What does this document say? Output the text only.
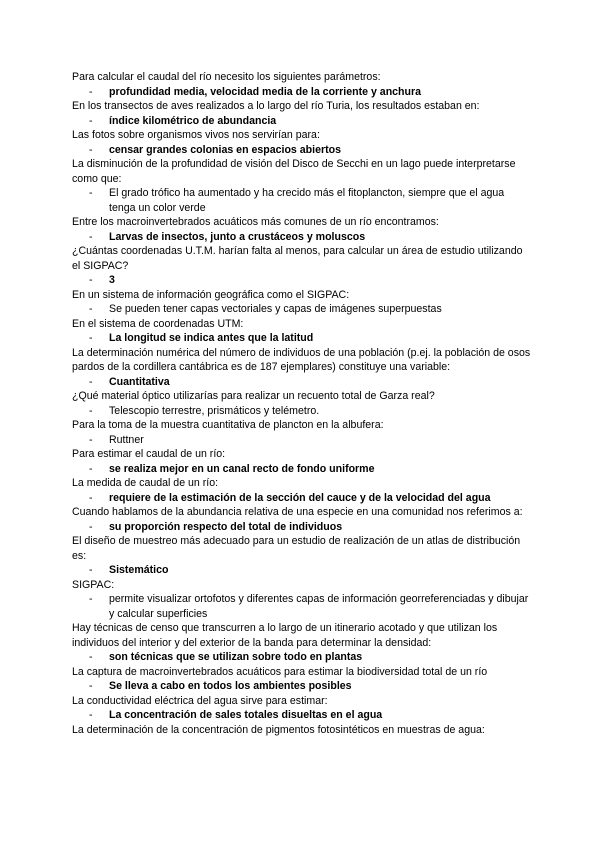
Para calcular el caudal del río necesito los siguientes parámetros:

- profundidad media, velocidad media de la corriente y anchura

En los transectos de aves realizados a lo largo del río Turia, los resultados estaban en:

- índice kilométrico de abundancia

Las fotos sobre organismos vivos nos servirían para:

- censar grandes colonias en espacios abiertos

La disminución de la profundidad de visión del Disco de Secchi en un lago puede interpretarse como que:

- El grado trófico ha aumentado y ha crecido más el fitoplancton, siempre que el agua tenga un color verde

Entre los macroinvertebrados acuáticos más comunes de un río encontramos:

- Larvas de insectos, junto a crustáceos y moluscos

¿Cuántas coordenadas U.T.M. harían falta al menos, para calcular un área de estudio utilizando el SIGPAC?

- 3

En un sistema de información geográfica como el SIGPAC:

- Se pueden tener capas vectoriales y capas de imágenes superpuestas

En el sistema de coordenadas UTM:

- La longitud se indica antes que la latitud

La determinación numérica del número de individuos de una población (p.ej. la población de osos pardos de la cordillera cantábrica es de 187 ejemplares) constituye una variable:

- Cuantitativa

¿Qué material óptico utilizarías para realizar un recuento total de Garza real?

- Telescopio terrestre, prismáticos y telémetro.

Para la toma de la muestra cuantitativa de plancton en la albufera:

- Ruttner

Para estimar el caudal de un río:

- se realiza mejor en un canal recto de fondo uniforme

La medida de caudal de un río:

- requiere de la estimación de la sección del cauce y de la velocidad del agua

Cuando hablamos de la abundancia relativa de una especie en una comunidad nos referimos a:

- su proporción respecto del total de individuos

El diseño de muestreo más adecuado para un estudio de realización de un atlas de distribución es:

- Sistemático

SIGPAC:

- permite visualizar ortofotos y diferentes capas de información georreferenciadas y dibujar y calcular superficies

Hay técnicas de censo que transcurren a lo largo de un itinerario acotado y que utilizan los individuos del interior y del exterior de la banda para determinar la densidad:

- son técnicas que se utilizan sobre todo en plantas

La captura de macroinvertebrados acuáticos para estimar la biodiversidad total de un río

- Se lleva a cabo en todos los ambientes posibles

La conductividad eléctrica del agua sirve para estimar:

- La concentración de sales totales disueltas en el agua

La determinación de la concentración de pigmentos fotosintéticos en muestras de agua:
